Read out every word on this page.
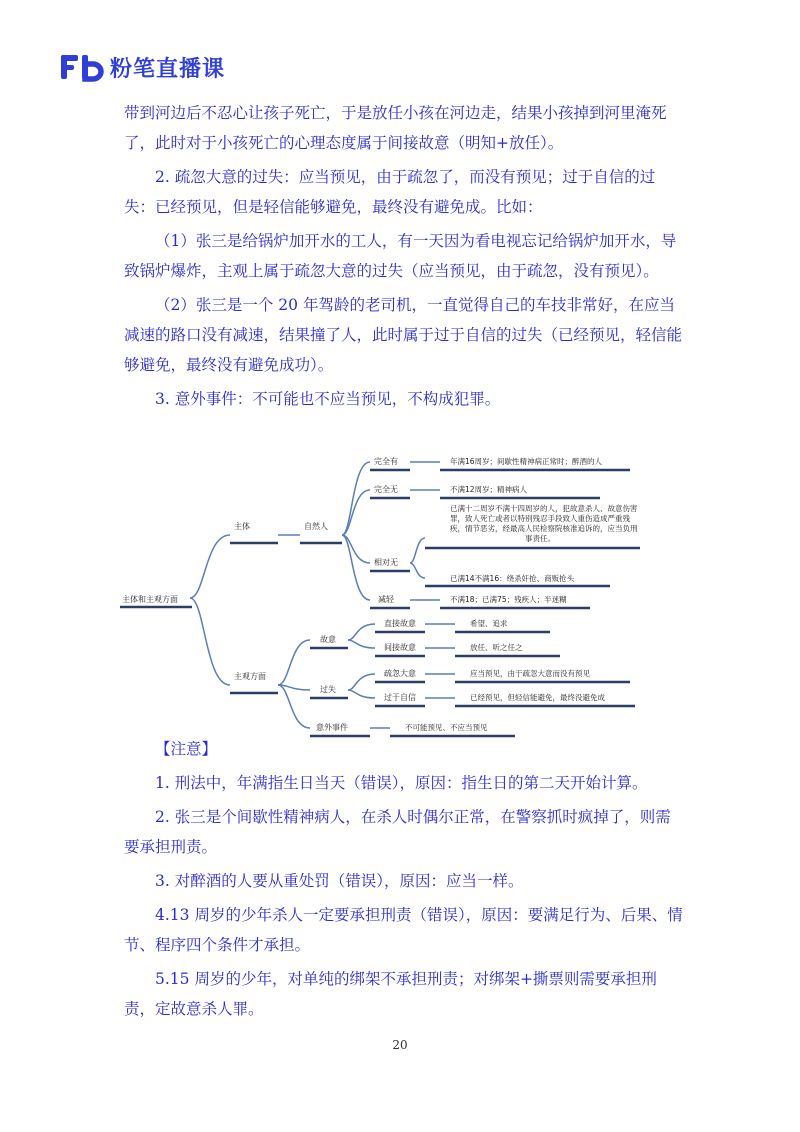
粉笔直播课

带到河边后不忍心让孩子死亡，于是放任小孩在河边走，结果小孩掉到河里淹死了，此时对于小孩死亡的心理态度属于间接故意（明知+放任）。

2. 疏忽大意的过失：应当预见，由于疏忽了，而没有预见；过于自信的过失：已经预见，但是轻信能够避免，最终没有避免成。比如：

（1）张三是给锅炉加开水的工人，有一天因为看电视忘记给锅炉加开水，导致锅炉爆炸，主观上属于疏忽大意的过失（应当预见，由于疏忽，没有预见）。

（2）张三是一个 20 年驾龄的老司机，一直觉得自己的车技非常好，在应当减速的路口没有减速，结果撞了人，此时属于过于自信的过失（已经预见，轻信能够避免，最终没有避免成功）。

3. 意外事件：不可能也不应当预见，不构成犯罪。

主体和主观方面
主体	自然人
完全有	年满16周岁；间歇性精神病正常时；醉酒的人
完全无	不满12周岁；精神病人
相对无
已满十二周岁不满十四周岁的人，犯故意杀人、故意伤害
罪，致人死亡或者以特别残忍手段致人重伤造成严重残
疾，情节恶劣，经最高人民检察院核准追诉的，应当负刑
事责任。
已满14不满16：绕杀奸抢、商贩抢头
减轻	不满18；已满75；残疾人；半迷糊
主观方面
故意
直接故意	希望、追求
间接故意	放任、听之任之
过失
疏忽大意	应当预见，由于疏忽大意而没有预见
过于自信	已经预见，但轻信能避免，最终没避免成
意外事件	不可能预见、不应当预见

【注意】

1. 刑法中，年满指生日当天（错误），原因：指生日的第二天开始计算。

2. 张三是个间歇性精神病人，在杀人时偶尔正常，在警察抓时疯掉了，则需要承担刑责。

3. 对醉酒的人要从重处罚（错误），原因：应当一样。

4.13 周岁的少年杀人一定要承担刑责（错误），原因：要满足行为、后果、情节、程序四个条件才承担。

5.15 周岁的少年，对单纯的绑架不承担刑责；对绑架+撕票则需要承担刑责，定故意杀人罪。

20
